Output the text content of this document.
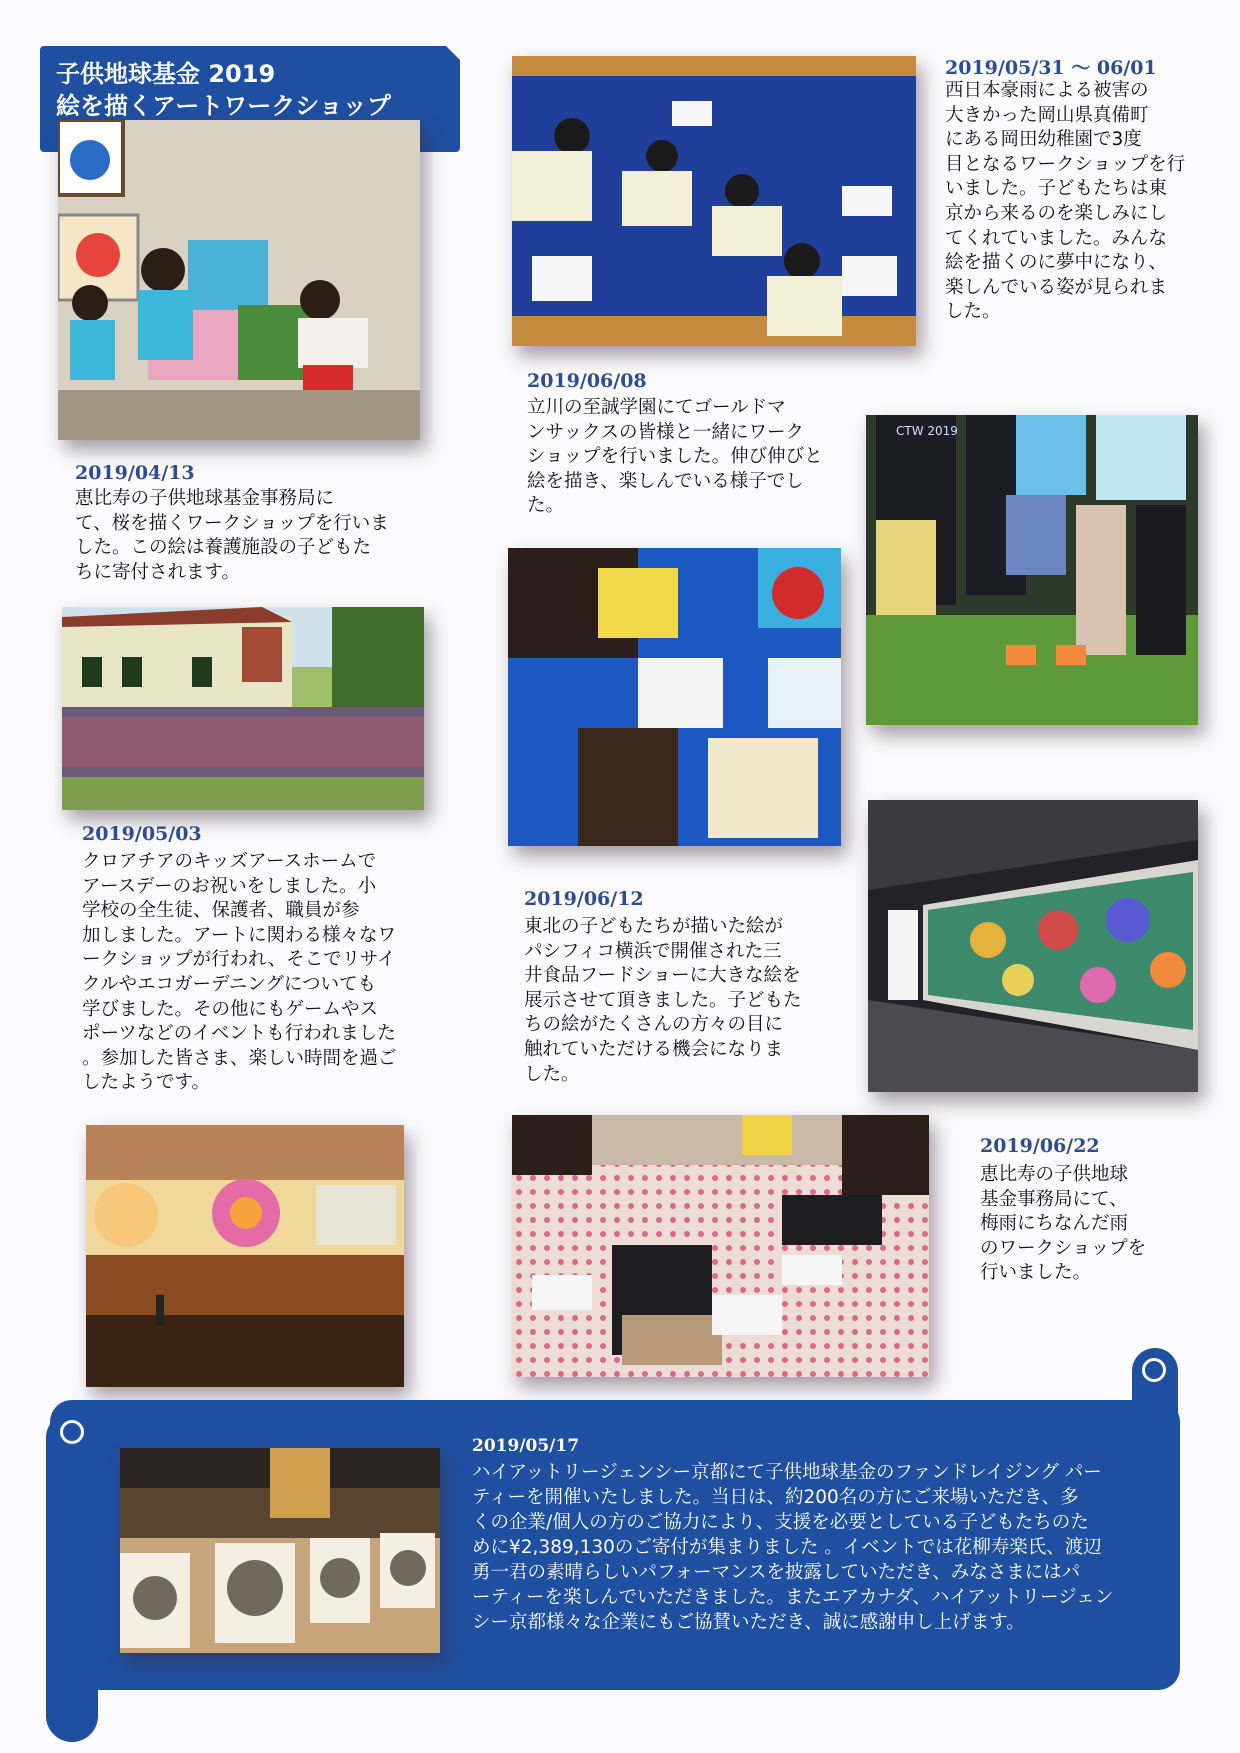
子供地球基金 2019
絵を描くアートワークショップ
2019/04/13
恵比寿の子供地球基金事務局に
て、桜を描くワークショップを行いま
した。この絵は養護施設の子どもた
ちに寄付されます。
2019/05/03
クロアチアのキッズアースホームで
アースデーのお祝いをしました。小
学校の全生徒、保護者、職員が参
加しました。アートに関わる様々なワ
ークショップが行われ、そこでリサイ
クルやエコガーデニングについても
学びました。その他にもゲームやス
ポーツなどのイベントも行われました
。参加した皆さま、楽しい時間を過ご
したようです。
2019/05/31 ～ 06/01
西日本豪雨による被害の
大きかった岡山県真備町
にある岡田幼稚園で3度
目となるワークショップを行
いました。子どもたちは東
京から来るのを楽しみにし
てくれていました。みんな
絵を描くのに夢中になり、
楽しんでいる姿が見られま
した。
2019/06/08
立川の至誠学園にてゴールドマ
ンサックスの皆様と一緒にワーク
ショップを行いました。伸び伸びと
絵を描き、楽しんでいる様子でし
た。
CTW 2019
2019/06/12
東北の子どもたちが描いた絵が
パシフィコ横浜で開催された三
井食品フードショーに大きな絵を
展示させて頂きました。子どもた
ちの絵がたくさんの方々の目に
触れていただける機会になりま
した。
2019/06/22
恵比寿の子供地球
基金事務局にて、
梅雨にちなんだ雨
のワークショップを
行いました。
2019/05/17
ハイアットリージェンシー京都にて子供地球基金のファンドレイジング パー
ティーを開催いたしました。当日は、約200名の方にご来場いただき、多
くの企業/個人の方のご協力により、支援を必要としている子どもたちのた
めに¥2,389,130のご寄付が集まりました 。イベントでは花柳寿楽氏、渡辺
勇一君の素晴らしいパフォーマンスを披露していただき、みなさまにはパ
ーティーを楽しんでいただきました。またエアカナダ、ハイアットリージェン
シー京都様々な企業にもご協賛いただき、誠に感謝申し上げます。
